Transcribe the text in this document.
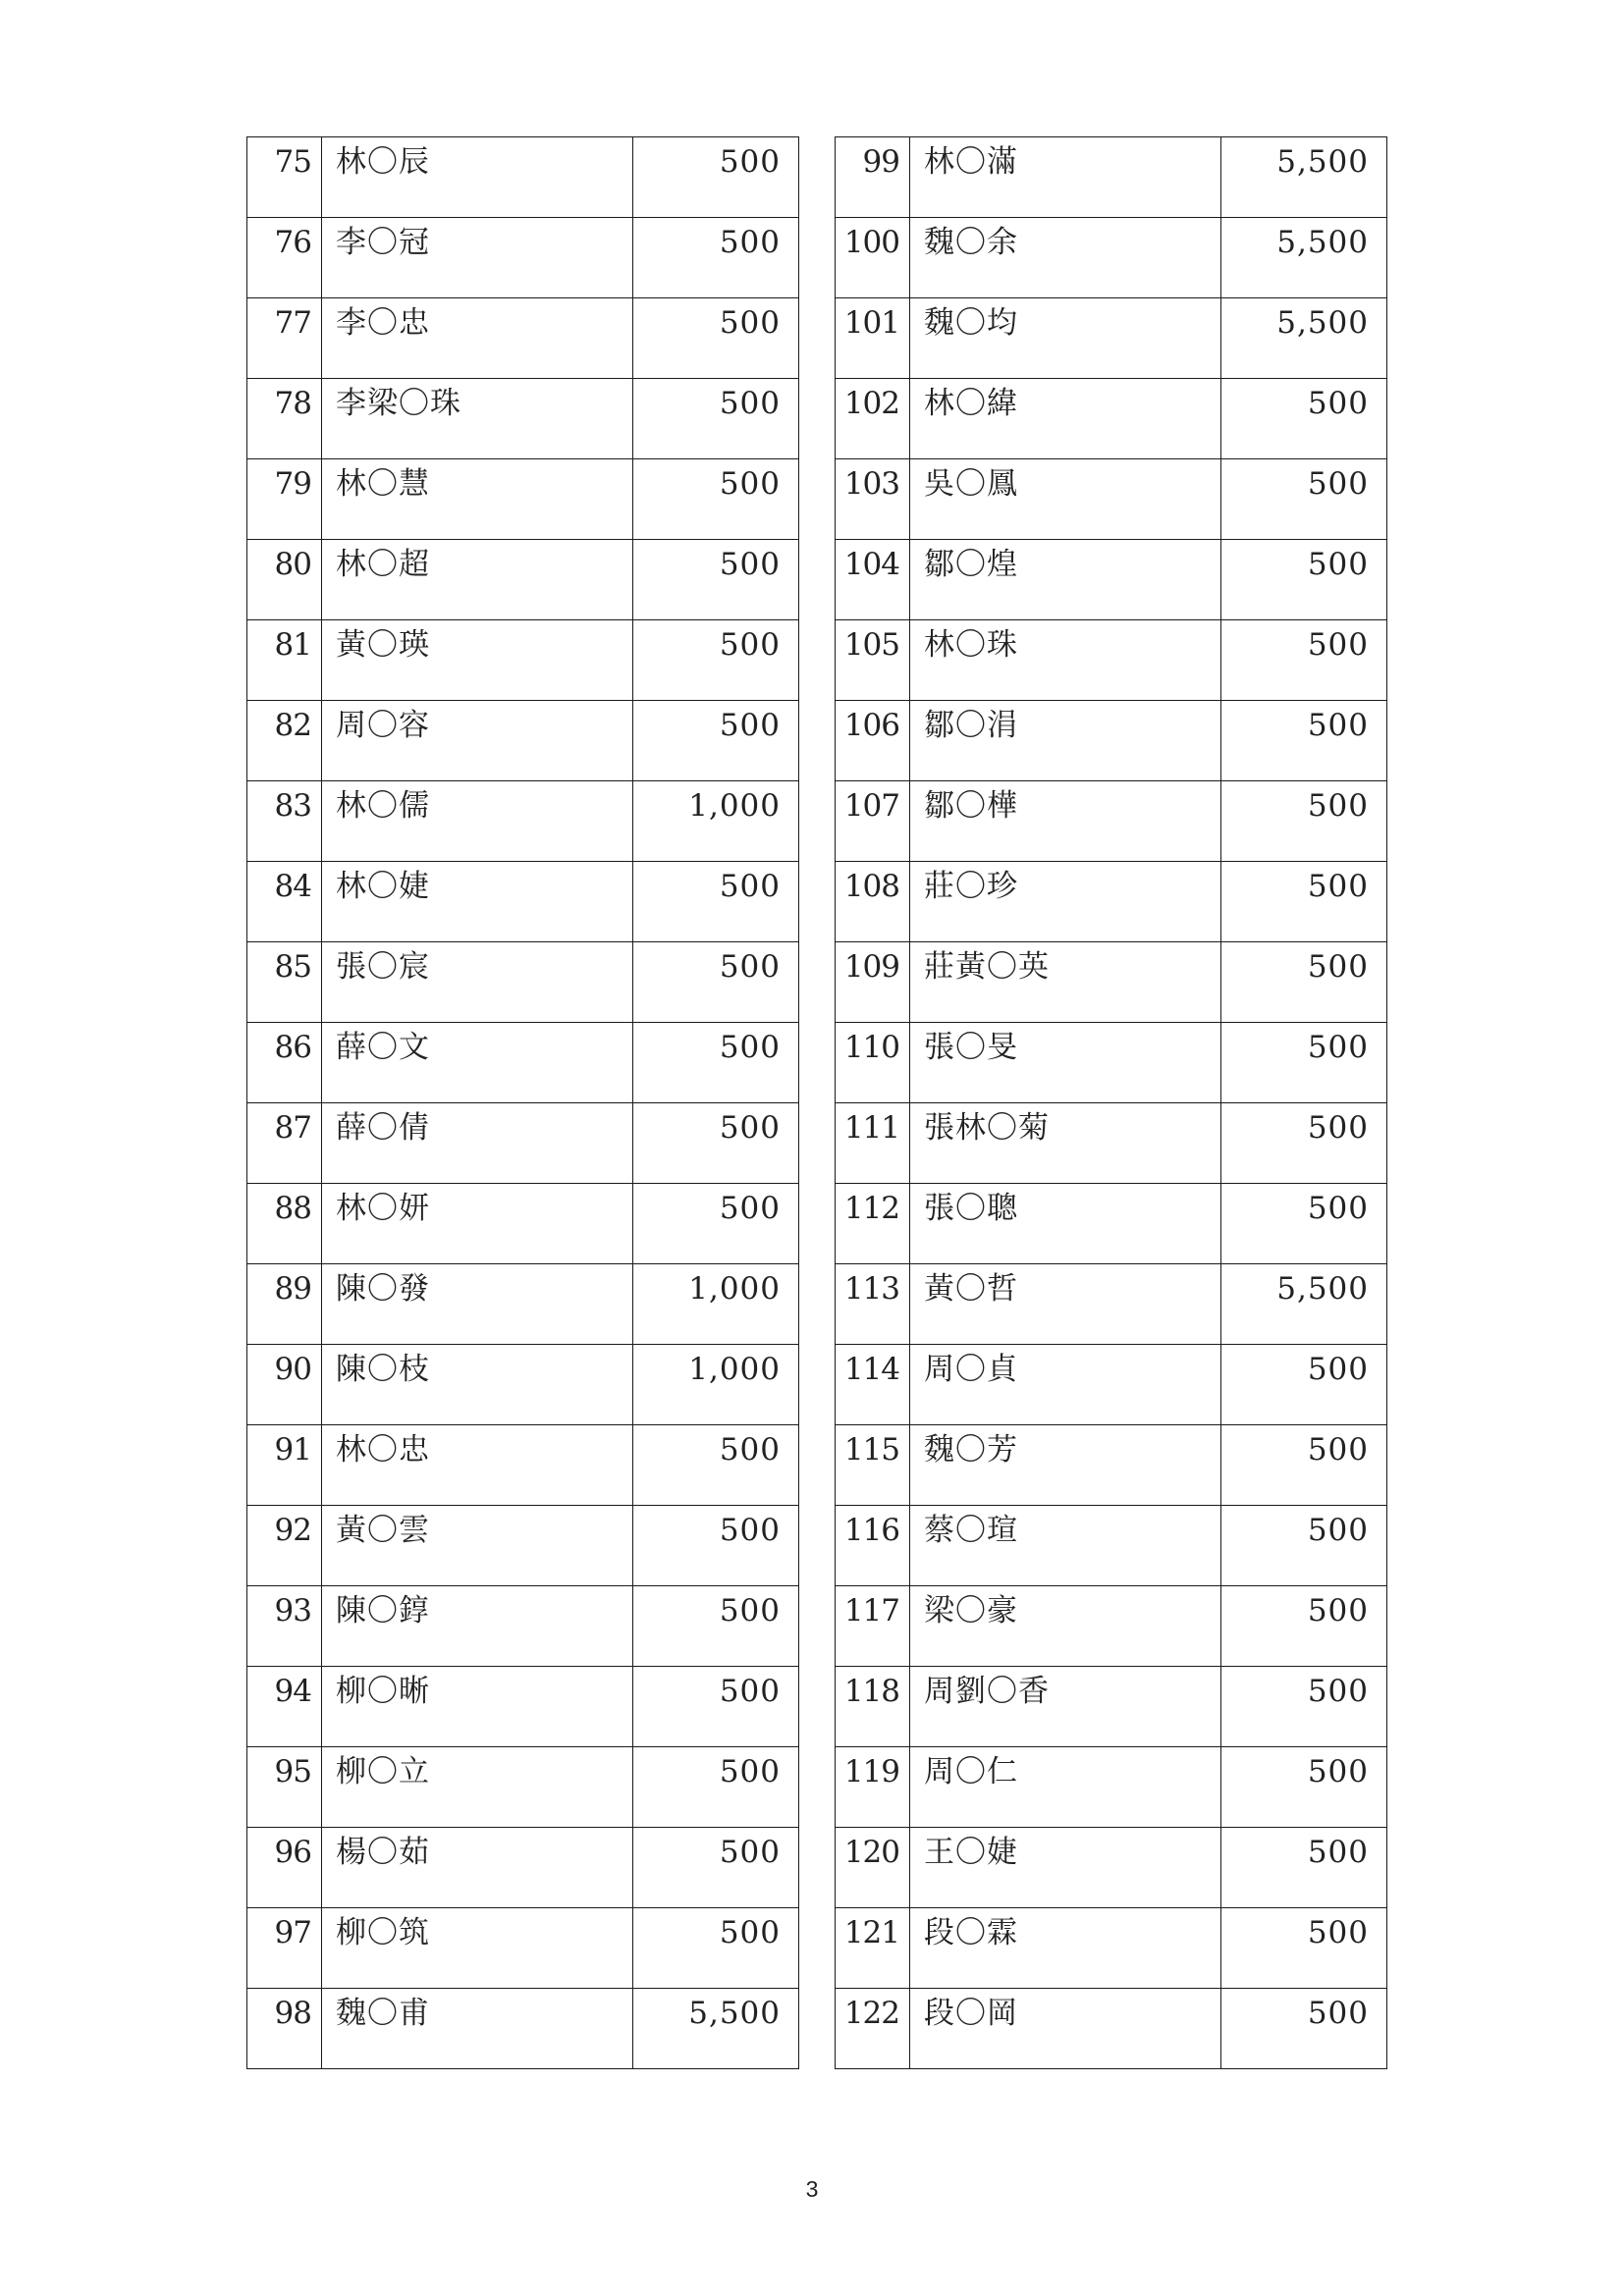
75	林〇辰	500
76	李〇冠	500
77	李〇忠	500
78	李梁〇珠	500
79	林〇慧	500
80	林〇超	500
81	黃〇瑛	500
82	周〇容	500
83	林〇儒	1,000
84	林〇婕	500
85	張〇宸	500
86	薛〇文	500
87	薛〇倩	500
88	林〇妍	500
89	陳〇發	1,000
90	陳〇枝	1,000
91	林〇忠	500
92	黃〇雲	500
93	陳〇錞	500
94	柳〇晰	500
95	柳〇立	500
96	楊〇茹	500
97	柳〇筑	500
98	魏〇甫	5,500
99	林〇滿	5,500
100	魏〇余	5,500
101	魏〇均	5,500
102	林〇緯	500
103	吳〇鳳	500
104	鄒〇煌	500
105	林〇珠	500
106	鄒〇涓	500
107	鄒〇樺	500
108	莊〇珍	500
109	莊黃〇英	500
110	張〇旻	500
111	張林〇菊	500
112	張〇聰	500
113	黃〇哲	5,500
114	周〇貞	500
115	魏〇芳	500
116	蔡〇瑄	500
117	梁〇豪	500
118	周劉〇香	500
119	周〇仁	500
120	王〇婕	500
121	段〇霖	500
122	段〇岡	500
3
